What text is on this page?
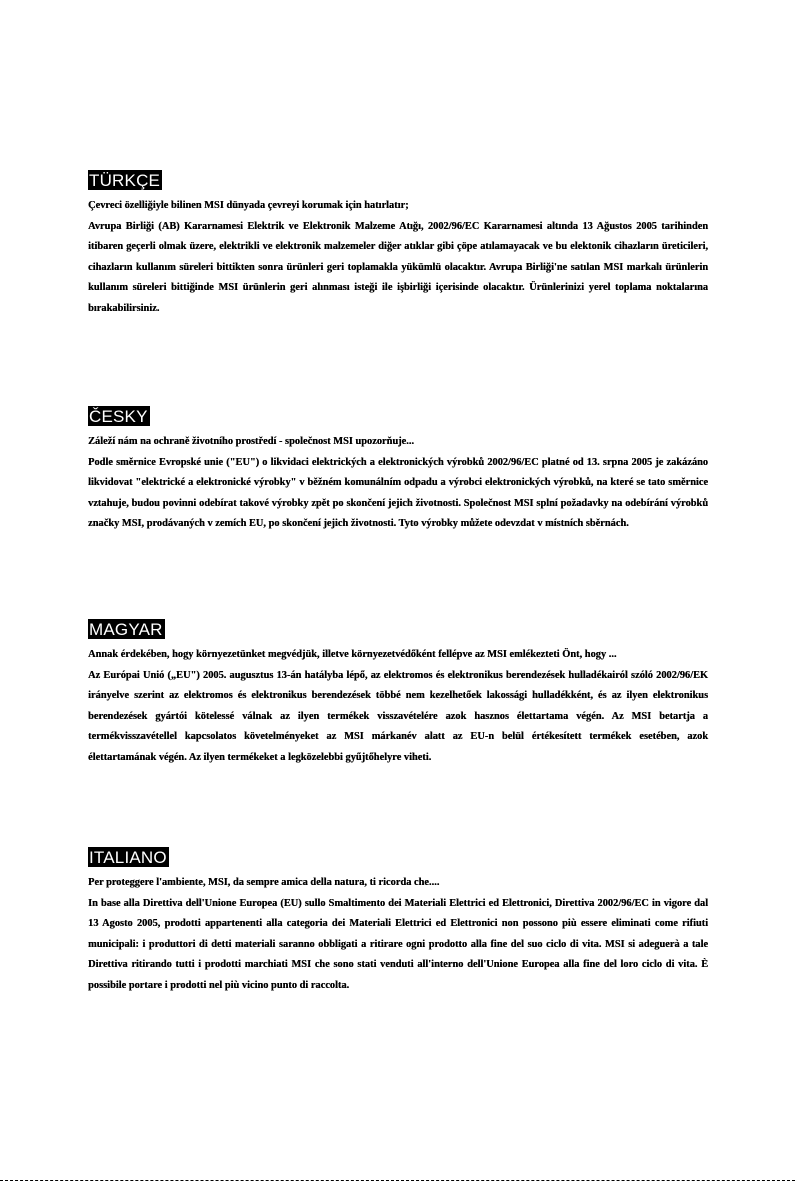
TÜRKÇE

Çevreci özelliğiyle bilinen MSI dünyada çevreyi korumak için hatırlatır;

Avrupa Birliği (AB) Kararnamesi Elektrik ve Elektronik Malzeme Atığı, 2002/96/EC Kararnamesi altında 13 Ağustos 2005 tarihinden itibaren geçerli olmak üzere, elektrikli ve elektronik malzemeler diğer atıklar gibi çöpe atılamayacak ve bu elektonik cihazların üreticileri, cihazların kullanım süreleri bittikten sonra ürünleri geri toplamakla yükümlü olacaktır. Avrupa Birliği'ne satılan MSI markalı ürünlerin kullanım süreleri bittiğinde MSI ürünlerin geri alınması isteği ile işbirliği içerisinde olacaktır. Ürünlerinizi yerel toplama noktalarına bırakabilirsiniz.

ČESKY

Záleží nám na ochraně životního prostředí - společnost MSI upozorňuje...

Podle směrnice Evropské unie ("EU") o likvidaci elektrických a elektronických výrobků 2002/96/EC platné od 13. srpna 2005 je zakázáno likvidovat "elektrické a elektronické výrobky" v běžném komunálním odpadu a výrobci elektronických výrobků, na které se tato směrnice vztahuje, budou povinni odebírat takové výrobky zpět po skončení jejich životnosti. Společnost MSI splní požadavky na odebírání výrobků značky MSI, prodávaných v zemích EU, po skončení jejich životnosti. Tyto výrobky můžete odevzdat v místních sběrnách.

MAGYAR

Annak érdekében, hogy környezetünket megvédjük, illetve környezetvédőként fellépve az MSI emlékezteti Önt, hogy ...

Az Európai Unió („EU") 2005. augusztus 13-án hatályba lépő, az elektromos és elektronikus berendezések hulladékairól szóló 2002/96/EK irányelve szerint az elektromos és elektronikus berendezések többé nem kezelhetőek lakossági hulladékként, és az ilyen elektronikus berendezések gyártói kötelessé válnak az ilyen termékek visszavételére azok hasznos élettartama végén. Az MSI betartja a termékvisszavétellel kapcsolatos követelményeket az MSI márkanév alatt az EU-n belül értékesített termékek esetében, azok élettartamának végén. Az ilyen termékeket a legközelebbi gyűjtőhelyre viheti.

ITALIANO

Per proteggere l'ambiente, MSI, da sempre amica della natura, ti ricorda che....

In base alla Direttiva dell'Unione Europea (EU) sullo Smaltimento dei Materiali Elettrici ed Elettronici, Direttiva 2002/96/EC in vigore dal 13 Agosto 2005, prodotti appartenenti alla categoria dei Materiali Elettrici ed Elettronici non possono più essere eliminati come rifiuti municipali: i produttori di detti materiali saranno obbligati a ritirare ogni prodotto alla fine del suo ciclo di vita. MSI si adeguerà a tale Direttiva ritirando tutti i prodotti marchiati MSI che sono stati venduti all'interno dell'Unione Europea alla fine del loro ciclo di vita. È possibile portare i prodotti nel più vicino punto di raccolta.
